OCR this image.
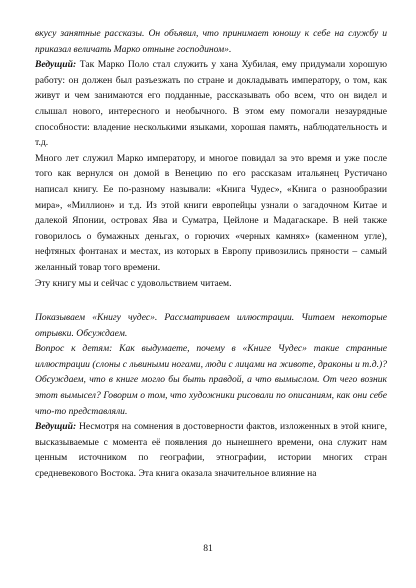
вкусу занятные рассказы. Он объявил, что принимает юношу к себе на службу и приказал величать Марко отныне господином».

Ведущий: Так Марко Поло стал служить у хана Хубилая, ему придумали хорошую работу: он должен был разъезжать по стране и докладывать императору, о том, как живут и чем занимаются его подданные, рассказывать обо всем, что он видел и слышал нового, интересного и необычного. В этом ему помогали незаурядные способности: владение несколькими языками, хорошая память, наблюдательность и т.д.

Много лет служил Марко императору, и многое повидал за это время и уже после того как вернулся он домой в Венецию по его рассказам итальянец Рустичано написал книгу. Ее по-разному называли: «Книга Чудес», «Книга о разнообразии мира», «Миллион» и т.д. Из этой книги европейцы узнали о загадочном Китае и далекой Японии, островах Ява и Суматра, Цейлоне и Мадагаскаре. В ней также говорилось о бумажных деньгах, о горючих «черных камнях» (каменном угле), нефтяных фонтанах и местах, из которых в Европу привозились пряности – самый желанный товар того времени.

Эту книгу мы и сейчас с удовольствием читаем.

Показываем «Книгу чудес». Рассматриваем иллюстрации. Читаем некоторые отрывки. Обсуждаем.

Вопрос к детям: Как выдумаете, почему в «Книге Чудес» такие странные иллюстрации (слоны с львиными ногами, люди с лицами на животе, драконы и т.д.)? Обсуждаем, что в книге могло бы быть правдой, а что вымыслом. От чего возник этот вымысел? Говорим о том, что художники рисовали по описаниям, как они себе что-то представляли.

Ведущий: Несмотря на сомнения в достоверности фактов, изложенных в этой книге, высказываемые с момента её появления до нынешнего времени, она служит нам ценным источником по географии, этнографии, истории многих стран средневекового Востока. Эта книга оказала значительное влияние на

81
